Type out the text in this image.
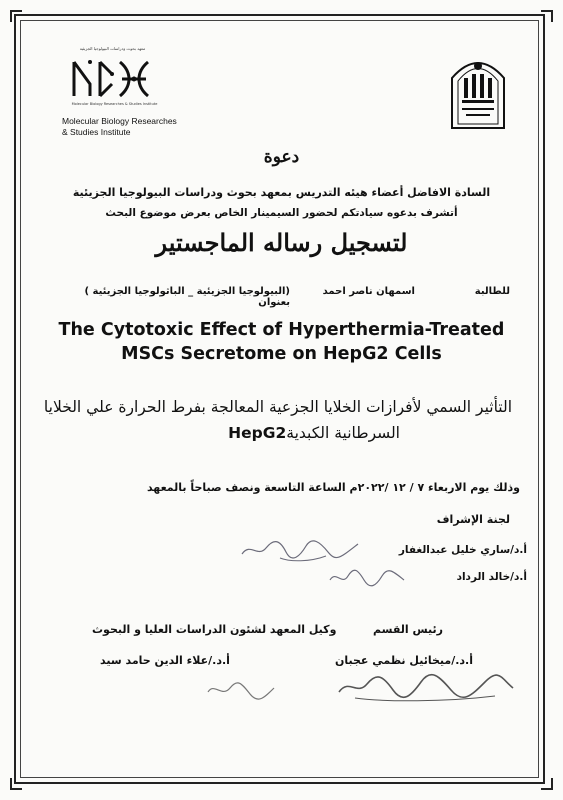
معهد بحوث ودراسات البيولوجيا الجزيئية
Molecular Biology Researches & Studies Institute
Molecular Biology Researches
& Studies Institute
دعوة
السادة الافاضل أعضاء هيئه التدريس بمعهد بحوث ودراسات البيولوجيا الجزيئية
أتشرف بدعوه سيادتكم لحضور السيمينار الخاص بعرض موضوع البحث
لتسجيل رساله الماجستير
للطالبة
اسمهان ناصر احمد
(البيولوجيا الجزيئية _ الباثولوجيا الجزيئية ) بعنوان
The Cytotoxic Effect of Hyperthermia-Treated
MSCs Secretome on HepG2 Cells
التأثير السمي لأفرازات الخلايا الجزعية المعالجة بفرط الحرارة علي الخلايا
السرطانية الكبديةHepG2
وذلك يوم الاربعاء ٧ / ١٢ /٢٠٢٢م الساعة التاسعة ونصف صباحاً بالمعهد
لجنة الإشراف
أ.د/ساري خليل عبدالغفار
أ.د/خالد الرداد
رئيس القسم
أ.د./ميخائيل نظمي عجبان
وكيل المعهد لشئون الدراسات العليا و البحوث
أ.د./علاء الدين حامد سيد
